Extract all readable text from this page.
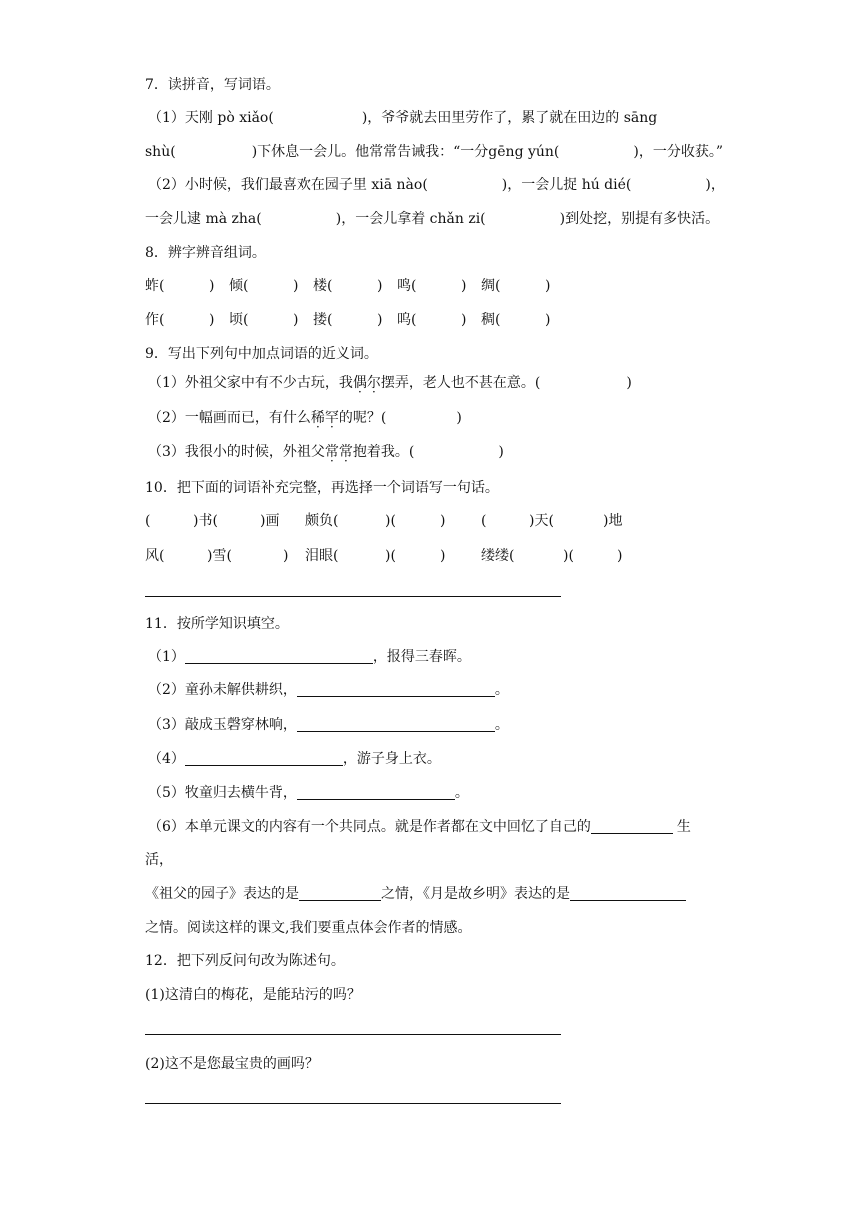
7．读拼音，写词语。
（1）天刚 pò xiǎo(	)，爷爷就去田里劳作了，累了就在田边的 sāng
shù(	)下休息一会儿。他常常告诫我：“一分gēng yún(	)，一分收获。”
（2）小时候，我们最喜欢在园子里 xiā nào(	)，一会儿捉 hú dié(	)，
一会儿逮 mà zha(	)，一会儿拿着 chǎn zi(	)到处挖，别提有多快活。
8．辨字辨音组词。
蚱(	) 倾(	) 楼(	) 鸣(	) 绸(	)
作(	) 顷(	) 搂(	) 呜(	) 稠(	)
9．写出下列句中加点词语的近义词。
（1）外祖父家中有不少古玩，我偶尔摆弄，老人也不甚在意。(	)
（2）一幅画而已，有什么稀罕的呢？(	)
（3）我很小的时候，外祖父常常抱着我。(	)
10．把下面的词语补充完整，再选择一个词语写一句话。
(	)书(	)画 颇负(	)(	)	(	)天(	)地
风(	)雪(	) 泪眼(	)(	)	缕缕(	)(	)
11．按所学知识填空。
（1）	，报得三春晖。
（2）童孙未解供耕织，	。
（3）敲成玉磬穿林响，	。
（4）	，游子身上衣。
（5）牧童归去横牛背，	。
（6）本单元课文的内容有一个共同点。就是作者都在文中回忆了自己的	生
活，
《祖父的园子》表达的是	之情，《月是故乡明》表达的是
之情。阅读这样的课文,我们要重点体会作者的情感。
12．把下列反问句改为陈述句。
(1)这清白的梅花，是能玷污的吗？
(2)这不是您最宝贵的画吗？
